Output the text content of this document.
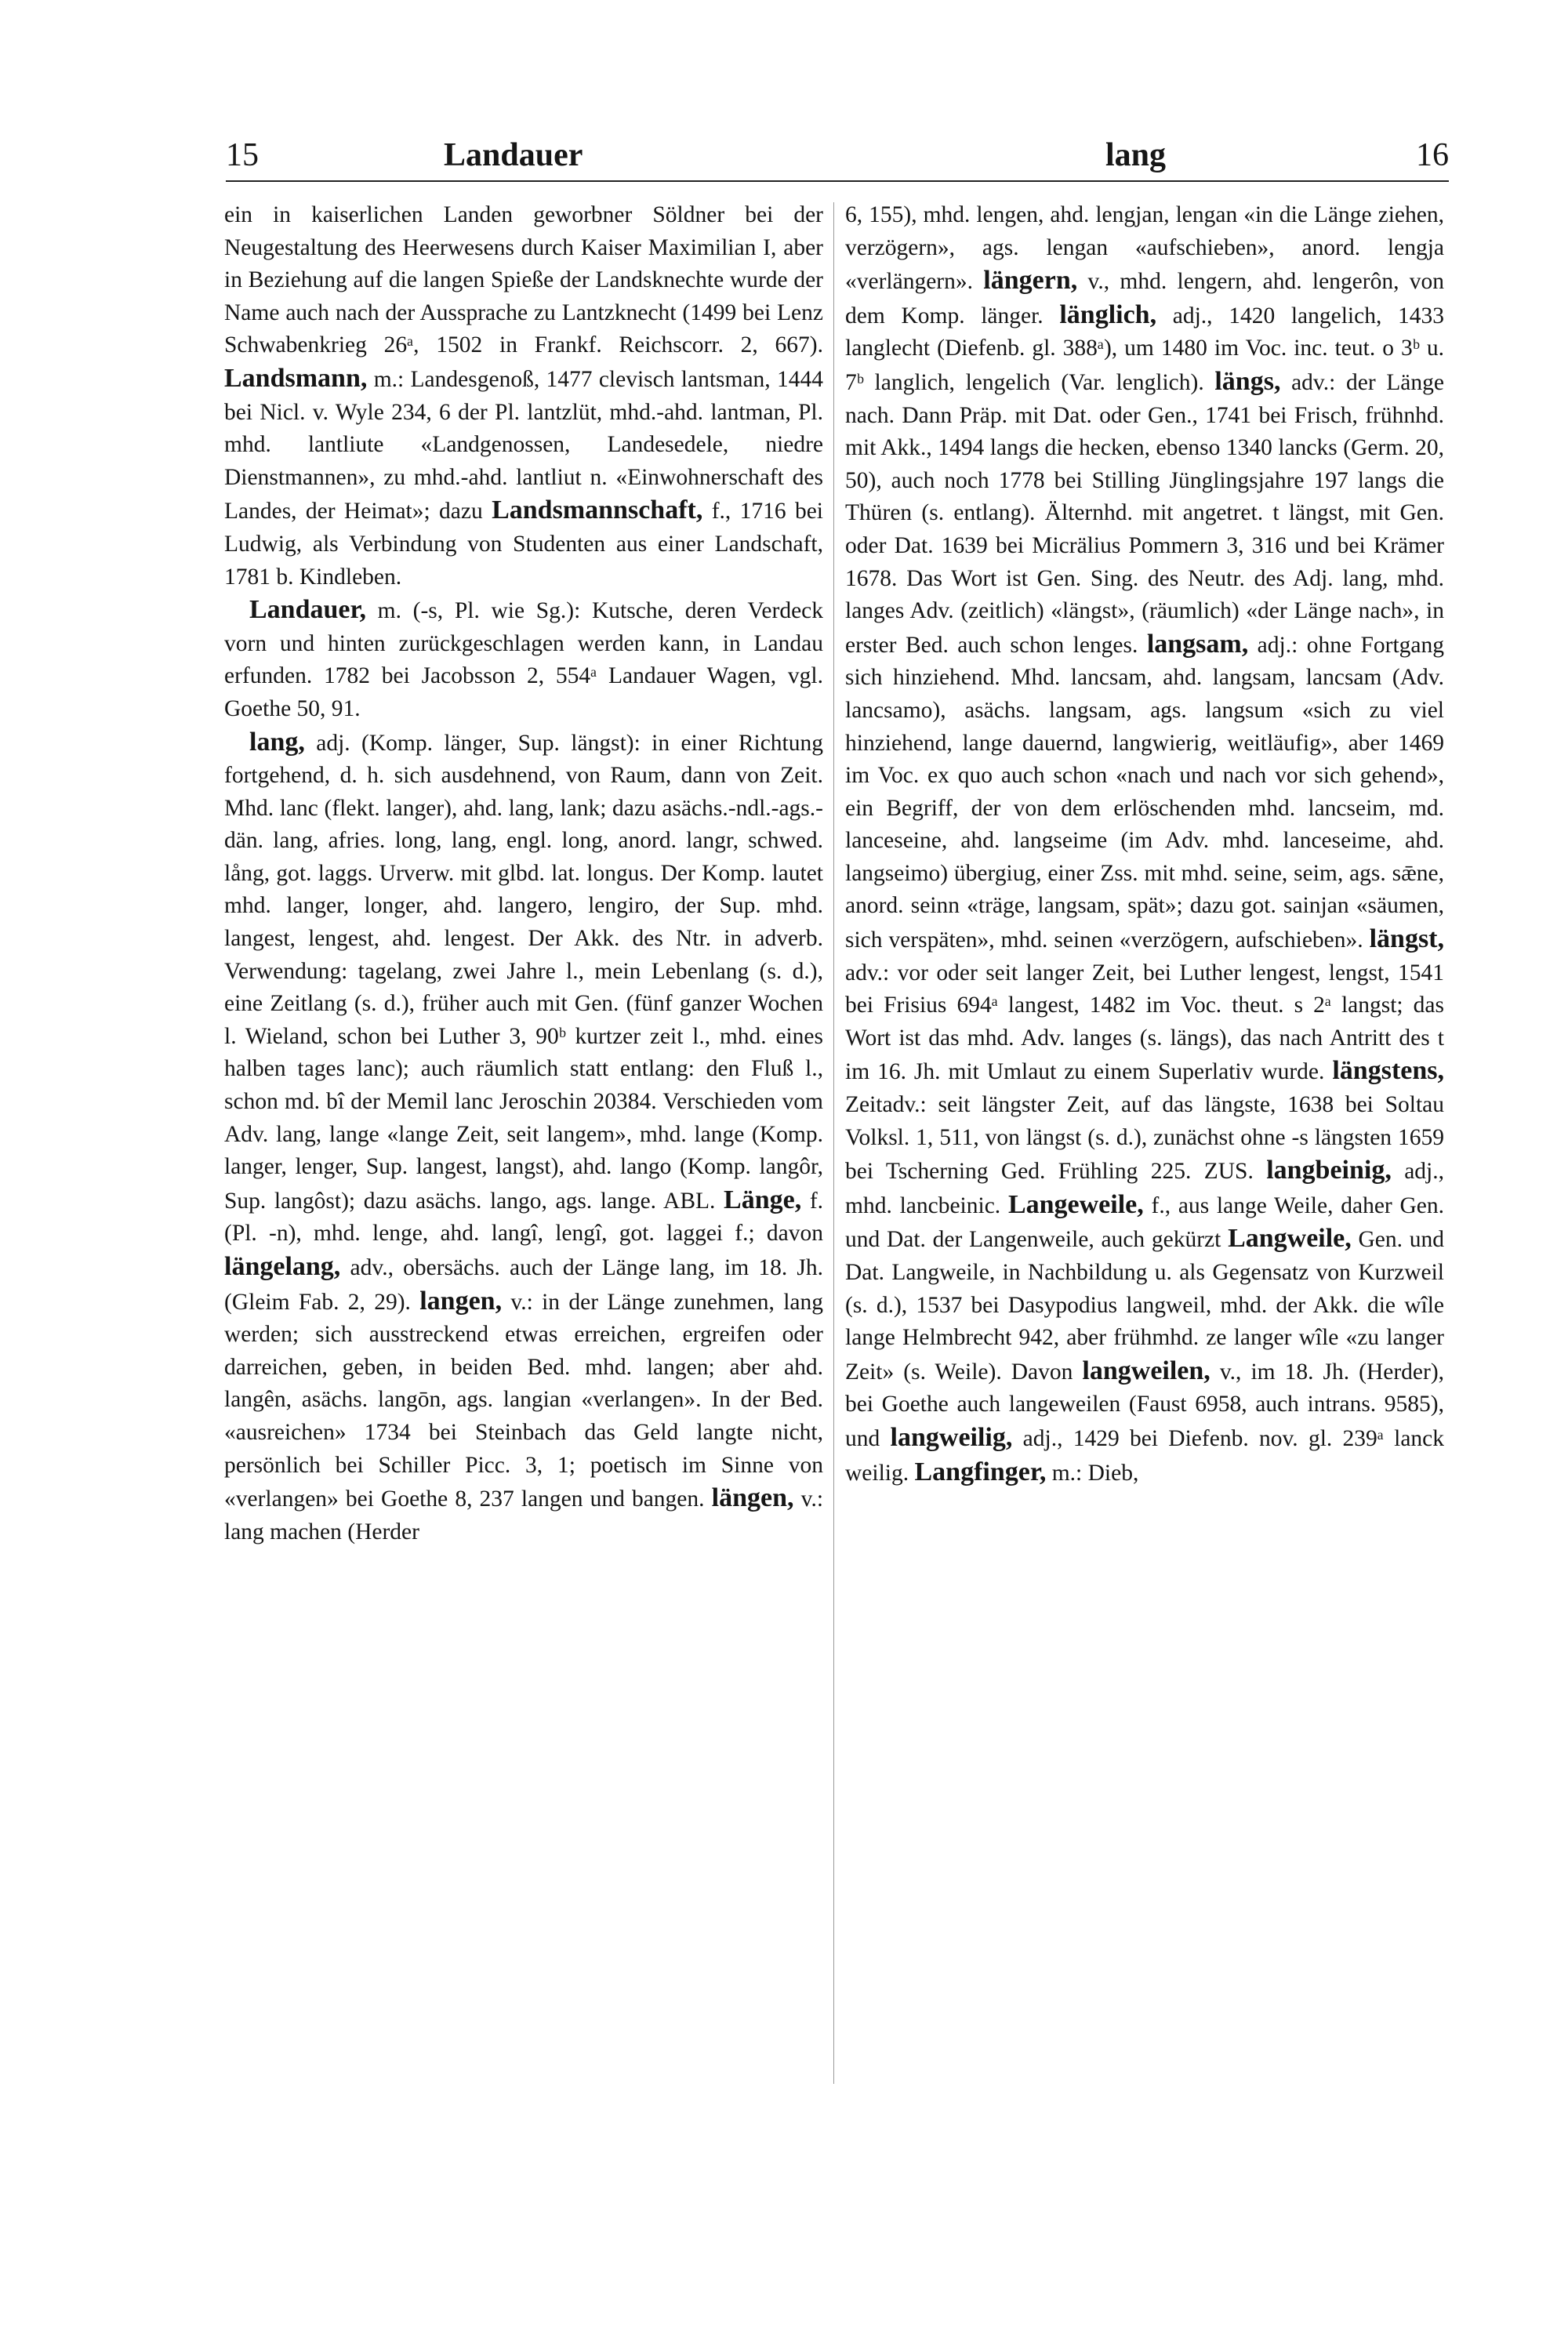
15	Landauer	lang	16

ein in kaiserlichen Landen geworbner Söldner bei der Neugestaltung des Heerwesens durch Kaiser Maximilian I, aber in Beziehung auf die langen Spieße der Landsknechte wurde der Name auch nach der Aussprache zu Lantzknecht (1499 bei Lenz Schwabenkrieg 26ᵃ, 1502 in Frankf. Reichscorr. 2, 667). Landsmann, m.: Landesgenoß, 1477 clevisch lantsman, 1444 bei Nicl. v. Wyle 234, 6 der Pl. lantzlüt, mhd.-ahd. lantman, Pl. mhd. lantliute «Landgenossen, Landesedele, niedre Dienstmannen», zu mhd.-ahd. lantliut n. «Einwohnerschaft des Landes, der Heimat»; dazu Landsmannschaft, f., 1716 bei Ludwig, als Verbindung von Studenten aus einer Landschaft, 1781 b. Kindleben.

Landauer, m. (-s, Pl. wie Sg.): Kutsche, deren Verdeck vorn und hinten zurückgeschlagen werden kann, in Landau erfunden. 1782 bei Jacobsson 2, 554ᵃ Landauer Wagen, vgl. Goethe 50, 91.

lang, adj. (Komp. länger, Sup. längst): in einer Richtung fortgehend, d. h. sich ausdehnend, von Raum, dann von Zeit. Mhd. lanc (flekt. langer), ahd. lang, lank; dazu asächs.-ndl.-ags.-dän. lang, afries. long, lang, engl. long, anord. langr, schwed. lång, got. laggs. Urverw. mit glbd. lat. longus. Der Komp. lautet mhd. langer, longer, ahd. langero, lengiro, der Sup. mhd. langest, lengest, ahd. lengest. Der Akk. des Ntr. in adverb. Verwendung: tagelang, zwei Jahre l., mein Lebenlang (s. d.), eine Zeitlang (s. d.), früher auch mit Gen. (fünf ganzer Wochen l. Wieland, schon bei Luther 3, 90ᵇ kurtzer zeit l., mhd. eines halben tages lanc); auch räumlich statt entlang: den Fluß l., schon md. bî der Memil lanc Jeroschin 20384. Verschieden vom Adv. lang, lange «lange Zeit, seit langem», mhd. lange (Komp. langer, lenger, Sup. langest, langst), ahd. lango (Komp. langôr, Sup. langôst); dazu asächs. lango, ags. lange. ABL. Länge, f. (Pl. -n), mhd. lenge, ahd. langî, lengî, got. laggei f.; davon längelang, adv., obersächs. auch der Länge lang, im 18. Jh. (Gleim Fab. 2, 29). langen, v.: in der Länge zunehmen, lang werden; sich ausstreckend etwas erreichen, ergreifen oder darreichen, geben, in beiden Bed. mhd. langen; aber ahd. langên, asächs. langōn, ags. langian «verlangen». In der Bed. «ausreichen» 1734 bei Steinbach das Geld langte nicht, persönlich bei Schiller Picc. 3, 1; poetisch im Sinne von «verlangen» bei Goethe 8, 237 langen und bangen. längen, v.: lang machen (Herder

6, 155), mhd. lengen, ahd. lengjan, lengan «in die Länge ziehen, verzögern», ags. lengan «aufschieben», anord. lengja «verlängern». längern, v., mhd. lengern, ahd. lengerôn, von dem Komp. länger. länglich, adj., 1420 langelich, 1433 langlecht (Diefenb. gl. 388ᵃ), um 1480 im Voc. inc. teut. o 3ᵇ u. 7ᵇ langlich, lengelich (Var. lenglich). längs, adv.: der Länge nach. Dann Präp. mit Dat. oder Gen., 1741 bei Frisch, frühnhd. mit Akk., 1494 langs die hecken, ebenso 1340 lancks (Germ. 20, 50), auch noch 1778 bei Stilling Jünglingsjahre 197 langs die Thüren (s. entlang). Älternhd. mit angetret. t längst, mit Gen. oder Dat. 1639 bei Micrälius Pommern 3, 316 und bei Krämer 1678. Das Wort ist Gen. Sing. des Neutr. des Adj. lang, mhd. langes Adv. (zeitlich) «längst», (räumlich) «der Länge nach», in erster Bed. auch schon lenges. langsam, adj.: ohne Fortgang sich hinziehend. Mhd. lancsam, ahd. langsam, lancsam (Adv. lancsamo), asächs. langsam, ags. langsum «sich zu viel hinziehend, lange dauernd, langwierig, weitläufig», aber 1469 im Voc. ex quo auch schon «nach und nach vor sich gehend», ein Begriff, der von dem erlöschenden mhd. lancseim, md. lanceseine, ahd. langseime (im Adv. mhd. lanceseime, ahd. langseimo) übergiug, einer Zss. mit mhd. seine, seim, ags. sǣne, anord. seinn «träge, langsam, spät»; dazu got. sainjan «säumen, sich verspäten», mhd. seinen «verzögern, aufschieben». längst, adv.: vor oder seit langer Zeit, bei Luther lengest, lengst, 1541 bei Frisius 694ᵃ langest, 1482 im Voc. theut. s 2ᵃ langst; das Wort ist das mhd. Adv. langes (s. längs), das nach Antritt des t im 16. Jh. mit Umlaut zu einem Superlativ wurde. längstens, Zeitadv.: seit längster Zeit, auf das längste, 1638 bei Soltau Volksl. 1, 511, von längst (s. d.), zunächst ohne -s längsten 1659 bei Tscherning Ged. Frühling 225. ZUS. langbeinig, adj., mhd. lancbeinic. Langeweile, f., aus lange Weile, daher Gen. und Dat. der Langenweile, auch gekürzt Langweile, Gen. und Dat. Langweile, in Nachbildung u. als Gegensatz von Kurzweil (s. d.), 1537 bei Dasypodius langweil, mhd. der Akk. die wîle lange Helmbrecht 942, aber frühmhd. ze langer wîle «zu langer Zeit» (s. Weile). Davon langweilen, v., im 18. Jh. (Herder), bei Goethe auch langeweilen (Faust 6958, auch intrans. 9585), und langweilig, adj., 1429 bei Diefenb. nov. gl. 239ᵃ lanck weilig. Langfinger, m.: Dieb,
